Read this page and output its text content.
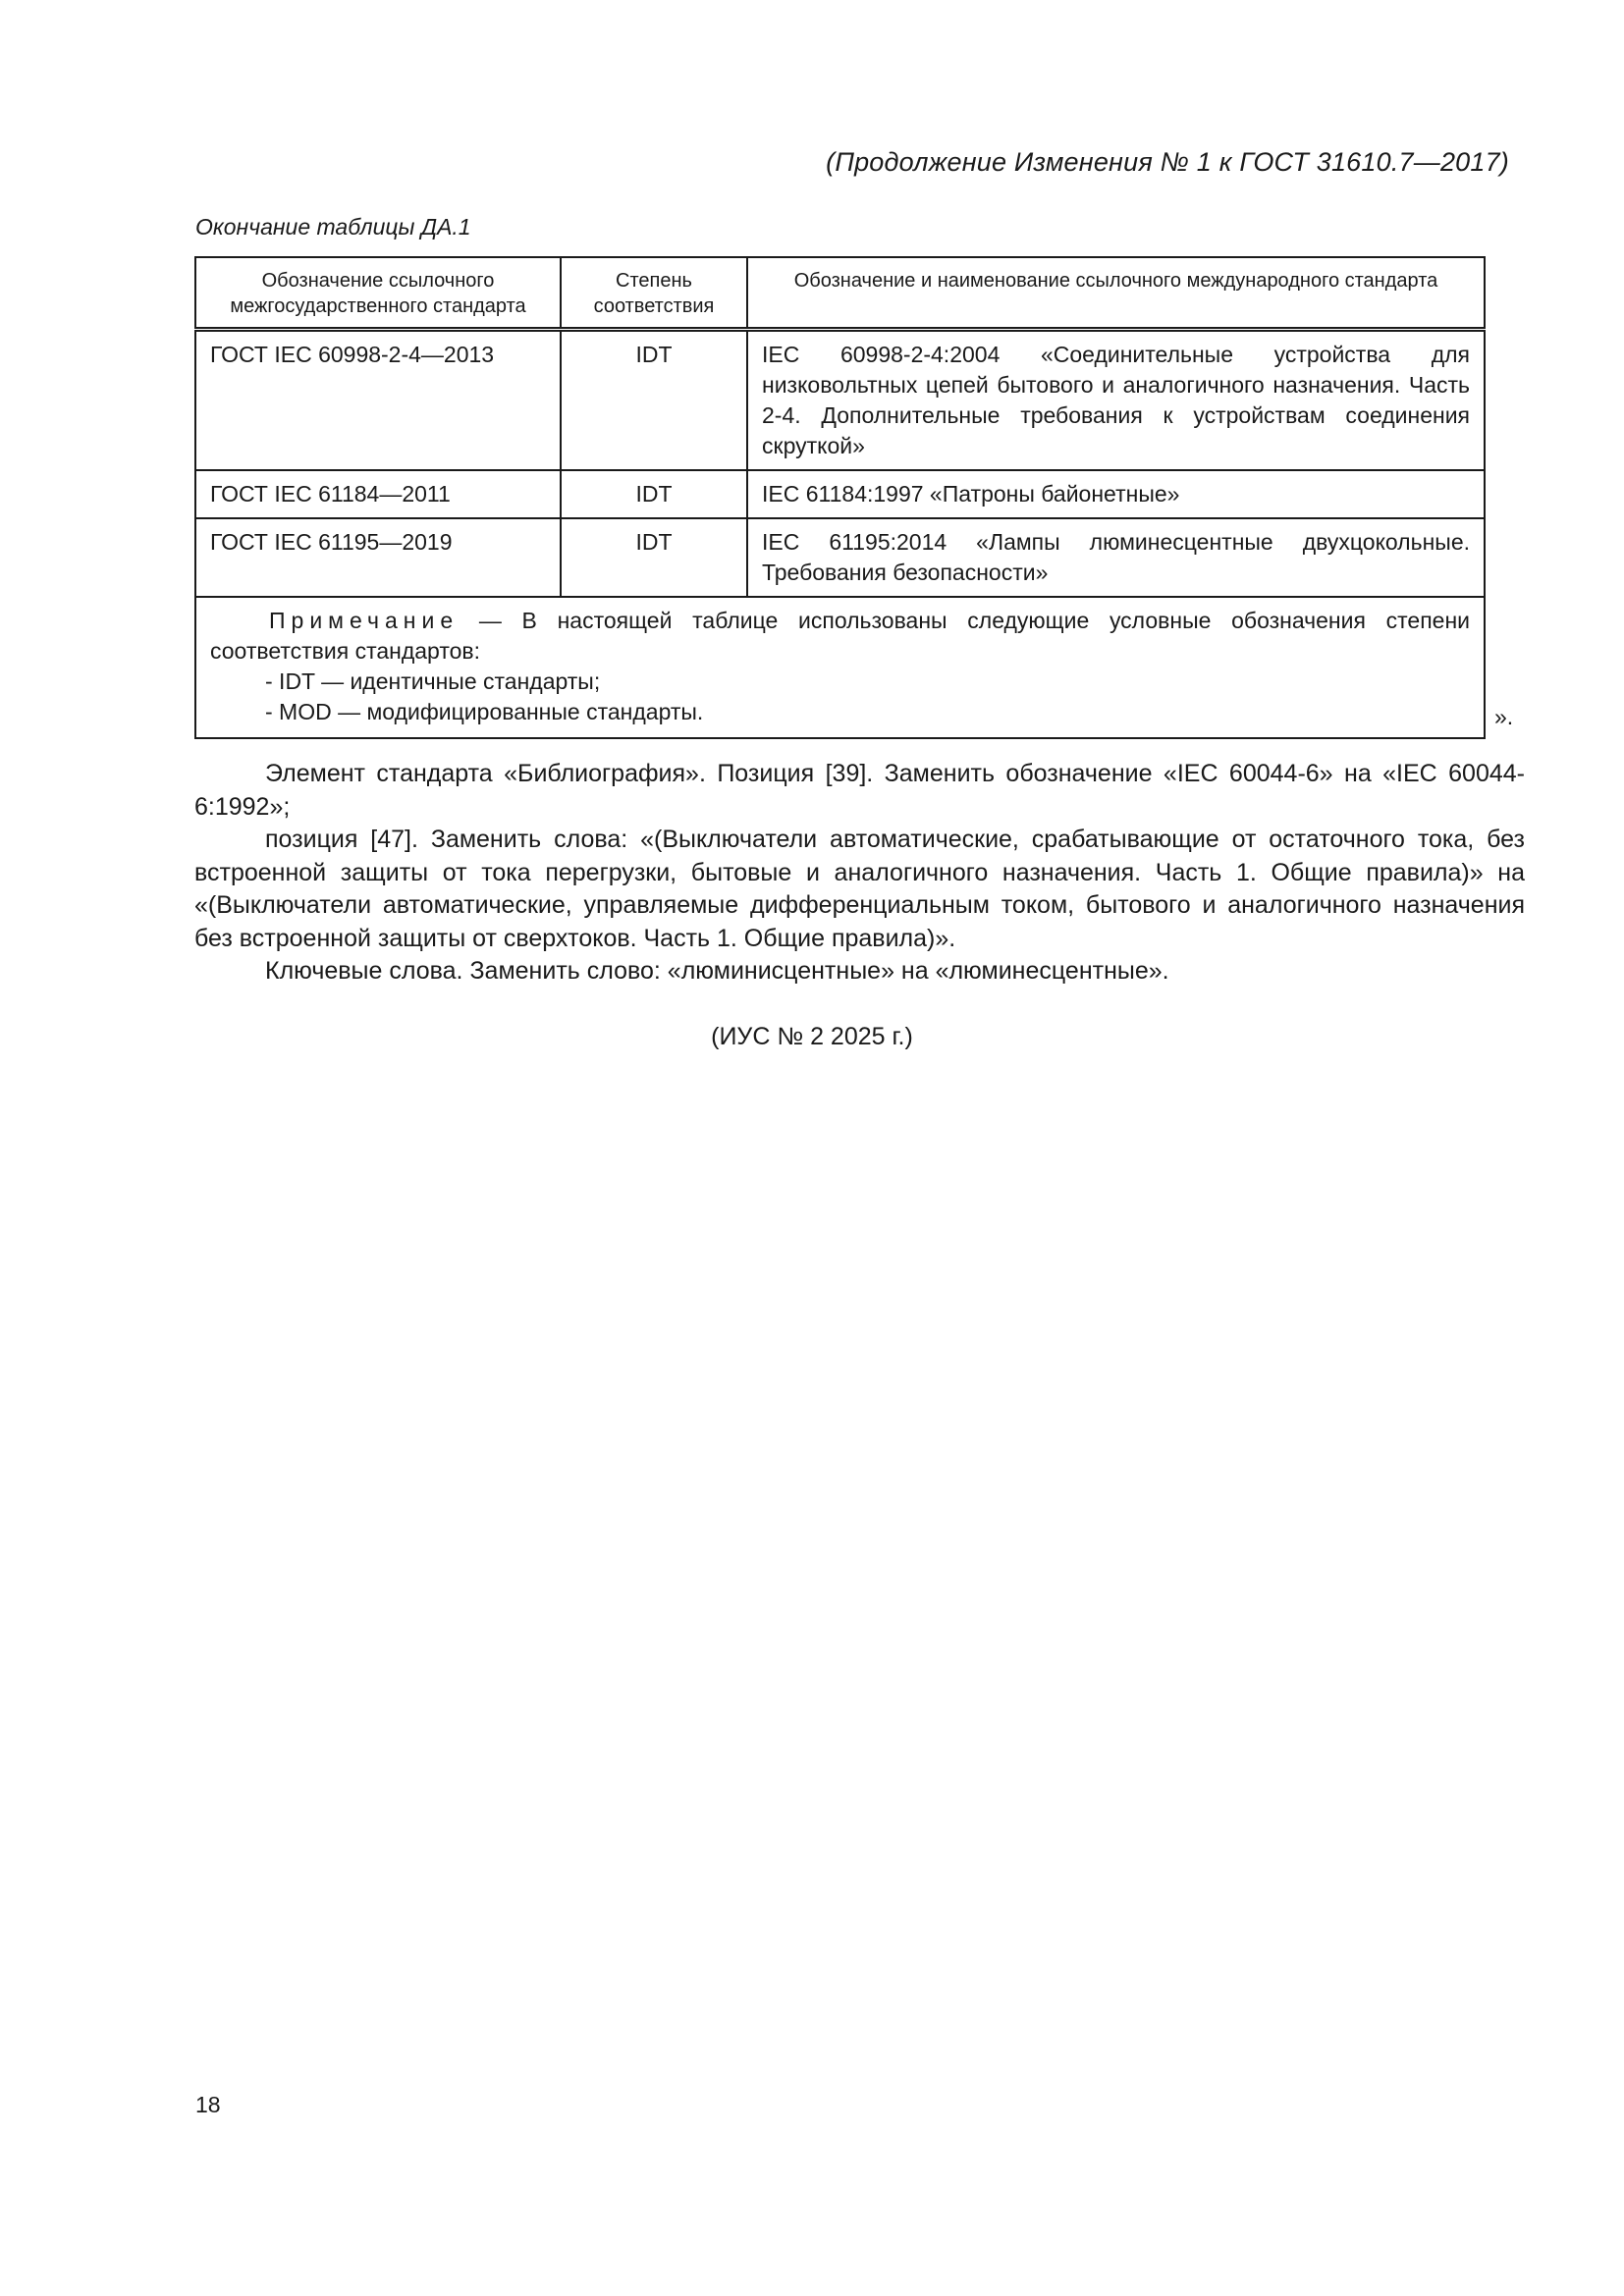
(Продолжение Изменения № 1 к ГОСТ 31610.7—2017)
Окончание таблицы ДА.1
Обозначение ссылочного межгосударственного стандарта	Степень соответствия	Обозначение и наименование ссылочного международного стандарта
ГОСТ IEC 60998-2-4—2013	IDT	IEC 60998-2-4:2004 «Соединительные устройства для низковольтных цепей бытового и аналогичного назначения. Часть 2-4. Дополнительные требования к устройствам соединения скруткой»
ГОСТ IEC 61184—2011	IDT	IEC 61184:1997 «Патроны байонетные»
ГОСТ IEC 61195—2019	IDT	IEC 61195:2014 «Лампы люминесцентные двухцокольные. Требования безопасности»

Примечание — В настоящей таблице использованы следующие условные обозначения степени соответствия стандартов:
- IDT — идентичные стандарты;
- MOD — модифицированные стандарты.			».

Элемент стандарта «Библиография». Позиция [39]. Заменить обозначение «IEC 60044-6» на «IEC 60044-6:1992»;

позиция [47]. Заменить слова: «(Выключатели автоматические, срабатывающие от остаточного тока, без встроенной защиты от тока перегрузки, бытовые и аналогичного назначения. Часть 1. Общие правила)» на «(Выключатели автоматические, управляемые дифференциальным током, бытового и аналогичного назначения без встроенной защиты от сверхтоков. Часть 1. Общие правила)».

Ключевые слова. Заменить слово: «люминисцентные» на «люминесцентные».

(ИУС № 2 2025 г.)
18
